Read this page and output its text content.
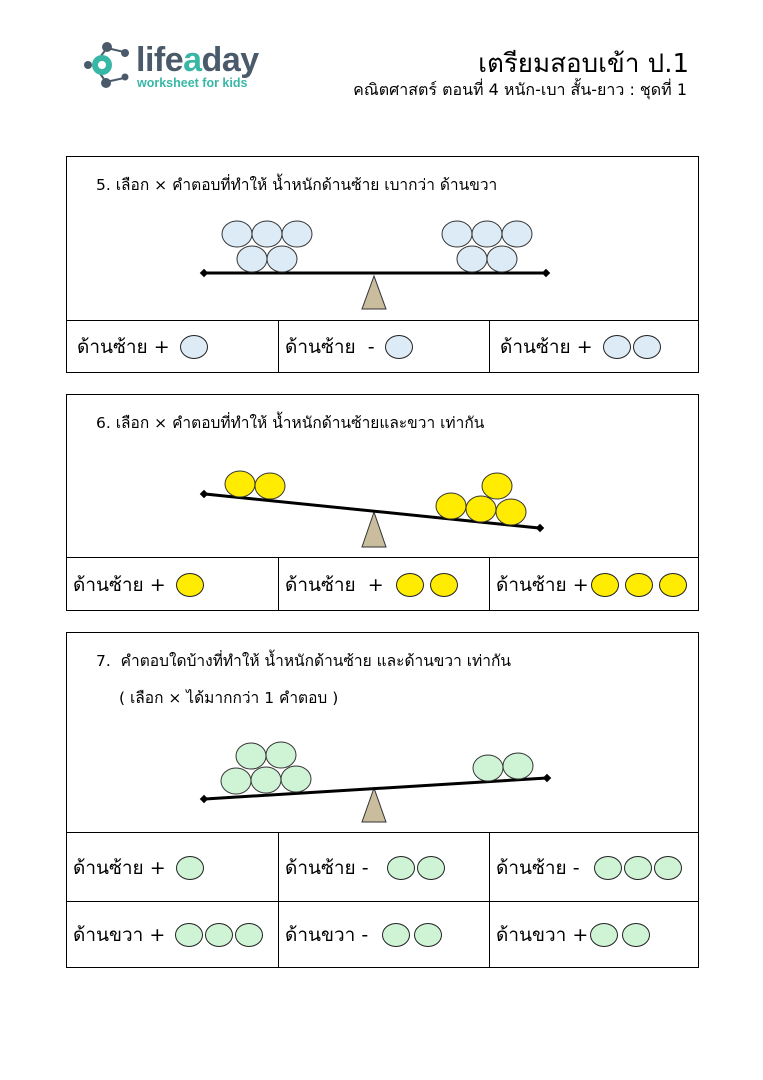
lifeaday
worksheet for kids
เตรียมสอบเข้า ป.1
คณิตศาสตร์ ตอนที่ 4 หนัก-เบา สั้น-ยาว : ชุดที่ 1
5. เลือก × คำตอบที่ทำให้ น้ำหนักด้านซ้าย เบากว่า ด้านขวา
ด้านซ้าย +	ด้านซ้าย -	ด้านซ้าย +
6. เลือก × คำตอบที่ทำให้ น้ำหนักด้านซ้ายและขวา เท่ากัน
ด้านซ้าย +	ด้านซ้าย +	ด้านซ้าย +
7. คำตอบใดบ้างที่ทำให้ น้ำหนักด้านซ้าย และด้านขวา เท่ากัน
( เลือก × ได้มากกว่า 1 คำตอบ )
ด้านซ้าย +	ด้านซ้าย -	ด้านซ้าย -
ด้านขวา +	ด้านขวา -	ด้านขวา +
